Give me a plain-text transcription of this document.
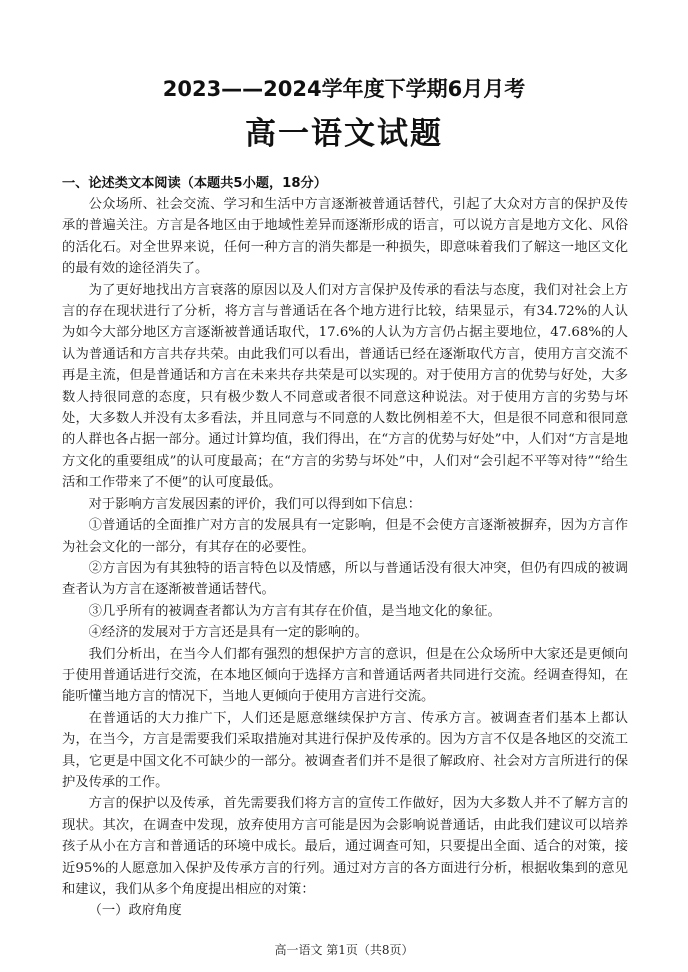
2023——2024学年度下学期6月月考
高一语文试题
一、论述类文本阅读（本题共5小题，18分）

公众场所、社会交流、学习和生活中方言逐渐被普通话替代，引起了大众对方言的保护及传承的普遍关注。方言是各地区由于地域性差异而逐渐形成的语言，可以说方言是地方文化、风俗的活化石。对全世界来说，任何一种方言的消失都是一种损失，即意味着我们了解这一地区文化的最有效的途径消失了。

为了更好地找出方言衰落的原因以及人们对方言保护及传承的看法与态度，我们对社会上方言的存在现状进行了分析，将方言与普通话在各个地方进行比较，结果显示，有34.72%的人认为如今大部分地区方言逐渐被普通话取代，17.6%的人认为方言仍占据主要地位，47.68%的人认为普通话和方言共存共荣。由此我们可以看出，普通话已经在逐渐取代方言，使用方言交流不再是主流，但是普通话和方言在未来共存共荣是可以实现的。对于使用方言的优势与好处，大多数人持很同意的态度，只有极少数人不同意或者很不同意这种说法。对于使用方言的劣势与坏处，大多数人并没有太多看法，并且同意与不同意的人数比例相差不大，但是很不同意和很同意的人群也各占据一部分。通过计算均值，我们得出，在“方言的优势与好处”中，人们对“方言是地方文化的重要组成”的认可度最高；在“方言的劣势与坏处”中，人们对“会引起不平等对待”“给生活和工作带来了不便”的认可度最低。

对于影响方言发展因素的评价，我们可以得到如下信息：

①普通话的全面推广对方言的发展具有一定影响，但是不会使方言逐渐被摒弃，因为方言作为社会文化的一部分，有其存在的必要性。

②方言因为有其独特的语言特色以及情感，所以与普通话没有很大冲突，但仍有四成的被调查者认为方言在逐渐被普通话替代。

③几乎所有的被调查者都认为方言有其存在价值，是当地文化的象征。

④经济的发展对于方言还是具有一定的影响的。

我们分析出，在当今人们都有强烈的想保护方言的意识，但是在公众场所中大家还是更倾向于使用普通话进行交流，在本地区倾向于选择方言和普通话两者共同进行交流。经调查得知，在能听懂当地方言的情况下，当地人更倾向于使用方言进行交流。

在普通话的大力推广下，人们还是愿意继续保护方言、传承方言。被调查者们基本上都认为，在当今，方言是需要我们采取措施对其进行保护及传承的。因为方言不仅是各地区的交流工具，它更是中国文化不可缺少的一部分。被调查者们并不是很了解政府、社会对方言所进行的保护及传承的工作。

方言的保护以及传承，首先需要我们将方言的宣传工作做好，因为大多数人并不了解方言的现状。其次，在调查中发现，放弃使用方言可能是因为会影响说普通话，由此我们建议可以培养孩子从小在方言和普通话的环境中成长。最后，通过调查可知，只要提出全面、适合的对策，接近95%的人愿意加入保护及传承方言的行列。通过对方言的各方面进行分析，根据收集到的意见和建议，我们从多个角度提出相应的对策：

（一）政府角度

高一语文 第1页（共8页）
